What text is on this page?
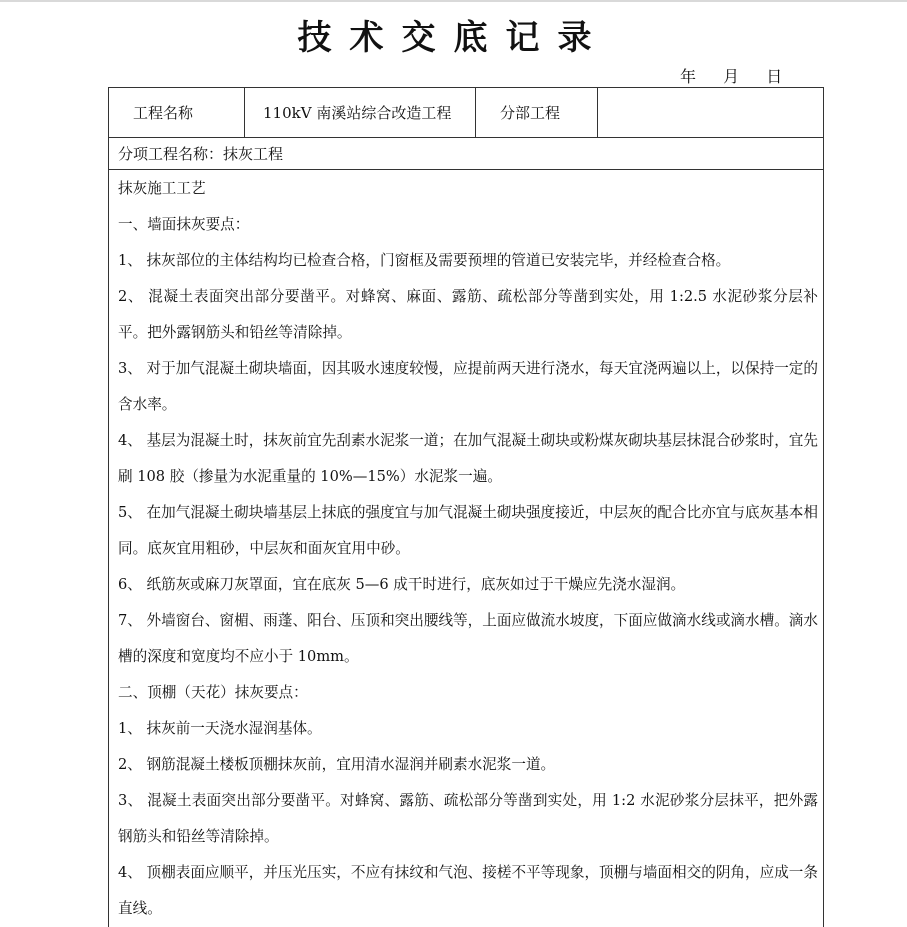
技术交底记录
年 月 日
工程名称	110kV 南溪站综合改造工程	分部工程
分项工程名称：抹灰工程
抹灰施工工艺
一、墙面抹灰要点：
1、 抹灰部位的主体结构均已检查合格，门窗框及需要预埋的管道已安装完毕，并经检查合格。
2、 混凝土表面突出部分要凿平。对蜂窝、麻面、露筋、疏松部分等凿到实处，用 1:2.5 水泥砂浆分层补平。把外露钢筋头和铅丝等清除掉。
3、 对于加气混凝土砌块墙面，因其吸水速度较慢，应提前两天进行浇水，每天宜浇两遍以上，以保持一定的含水率。
4、 基层为混凝土时，抹灰前宜先刮素水泥浆一道；在加气混凝土砌块或粉煤灰砌块基层抹混合砂浆时，宜先刷 108 胶（掺量为水泥重量的 10%—15%）水泥浆一遍。
5、 在加气混凝土砌块墙基层上抹底的强度宜与加气混凝土砌块强度接近，中层灰的配合比亦宜与底灰基本相同。底灰宜用粗砂，中层灰和面灰宜用中砂。
6、 纸筋灰或麻刀灰罩面，宜在底灰 5—6 成干时进行，底灰如过于干燥应先浇水湿润。
7、 外墙窗台、窗楣、雨蓬、阳台、压顶和突出腰线等，上面应做流水坡度，下面应做滴水线或滴水槽。滴水槽的深度和宽度均不应小于 10mm。
二、顶棚（天花）抹灰要点：
1、 抹灰前一天浇水湿润基体。
2、 钢筋混凝土楼板顶棚抹灰前，宜用清水湿润并刷素水泥浆一道。
3、 混凝土表面突出部分要凿平。对蜂窝、露筋、疏松部分等凿到实处，用 1:2 水泥砂浆分层抹平，把外露钢筋头和铅丝等清除掉。
4、 顶棚表面应顺平，并压光压实，不应有抹纹和气泡、接槎不平等现象，顶棚与墙面相交的阴角，应成一条直线。
